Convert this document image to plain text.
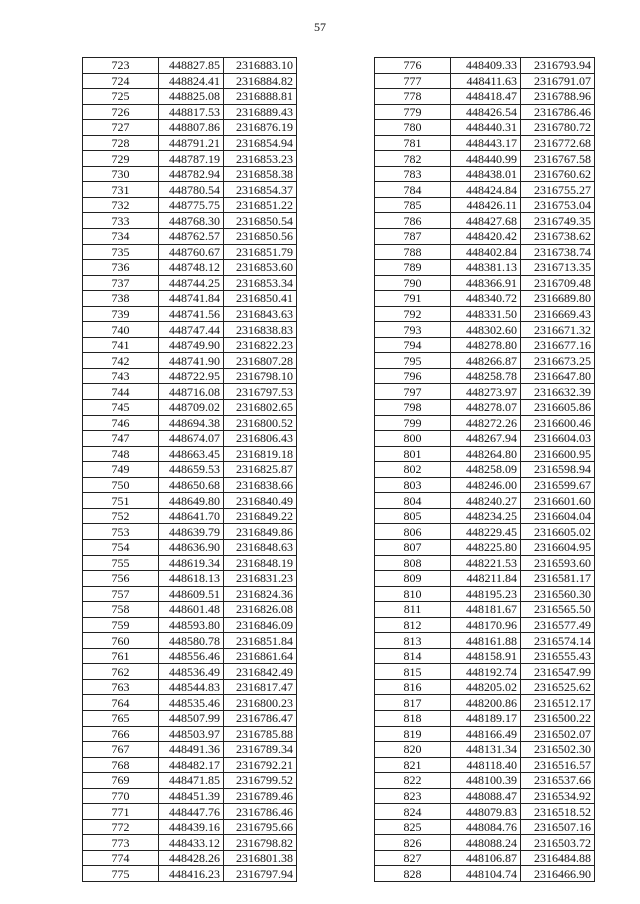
57
723	448827.85	2316883.10
724	448824.41	2316884.82
725	448825.08	2316888.81
726	448817.53	2316889.43
727	448807.86	2316876.19
728	448791.21	2316854.94
729	448787.19	2316853.23
730	448782.94	2316858.38
731	448780.54	2316854.37
732	448775.75	2316851.22
733	448768.30	2316850.54
734	448762.57	2316850.56
735	448760.67	2316851.79
736	448748.12	2316853.60
737	448744.25	2316853.34
738	448741.84	2316850.41
739	448741.56	2316843.63
740	448747.44	2316838.83
741	448749.90	2316822.23
742	448741.90	2316807.28
743	448722.95	2316798.10
744	448716.08	2316797.53
745	448709.02	2316802.65
746	448694.38	2316800.52
747	448674.07	2316806.43
748	448663.45	2316819.18
749	448659.53	2316825.87
750	448650.68	2316838.66
751	448649.80	2316840.49
752	448641.70	2316849.22
753	448639.79	2316849.86
754	448636.90	2316848.63
755	448619.34	2316848.19
756	448618.13	2316831.23
757	448609.51	2316824.36
758	448601.48	2316826.08
759	448593.80	2316846.09
760	448580.78	2316851.84
761	448556.46	2316861.64
762	448536.49	2316842.49
763	448544.83	2316817.47
764	448535.46	2316800.23
765	448507.99	2316786.47
766	448503.97	2316785.88
767	448491.36	2316789.34
768	448482.17	2316792.21
769	448471.85	2316799.52
770	448451.39	2316789.46
771	448447.76	2316786.46
772	448439.16	2316795.66
773	448433.12	2316798.82
774	448428.26	2316801.38
775	448416.23	2316797.94
776	448409.33	2316793.94
777	448411.63	2316791.07
778	448418.47	2316788.96
779	448426.54	2316786.46
780	448440.31	2316780.72
781	448443.17	2316772.68
782	448440.99	2316767.58
783	448438.01	2316760.62
784	448424.84	2316755.27
785	448426.11	2316753.04
786	448427.68	2316749.35
787	448420.42	2316738.62
788	448402.84	2316738.74
789	448381.13	2316713.35
790	448366.91	2316709.48
791	448340.72	2316689.80
792	448331.50	2316669.43
793	448302.60	2316671.32
794	448278.80	2316677.16
795	448266.87	2316673.25
796	448258.78	2316647.80
797	448273.97	2316632.39
798	448278.07	2316605.86
799	448272.26	2316600.46
800	448267.94	2316604.03
801	448264.80	2316600.95
802	448258.09	2316598.94
803	448246.00	2316599.67
804	448240.27	2316601.60
805	448234.25	2316604.04
806	448229.45	2316605.02
807	448225.80	2316604.95
808	448221.53	2316593.60
809	448211.84	2316581.17
810	448195.23	2316560.30
811	448181.67	2316565.50
812	448170.96	2316577.49
813	448161.88	2316574.14
814	448158.91	2316555.43
815	448192.74	2316547.99
816	448205.02	2316525.62
817	448200.86	2316512.17
818	448189.17	2316500.22
819	448166.49	2316502.07
820	448131.34	2316502.30
821	448118.40	2316516.57
822	448100.39	2316537.66
823	448088.47	2316534.92
824	448079.83	2316518.52
825	448084.76	2316507.16
826	448088.24	2316503.72
827	448106.87	2316484.88
828	448104.74	2316466.90
